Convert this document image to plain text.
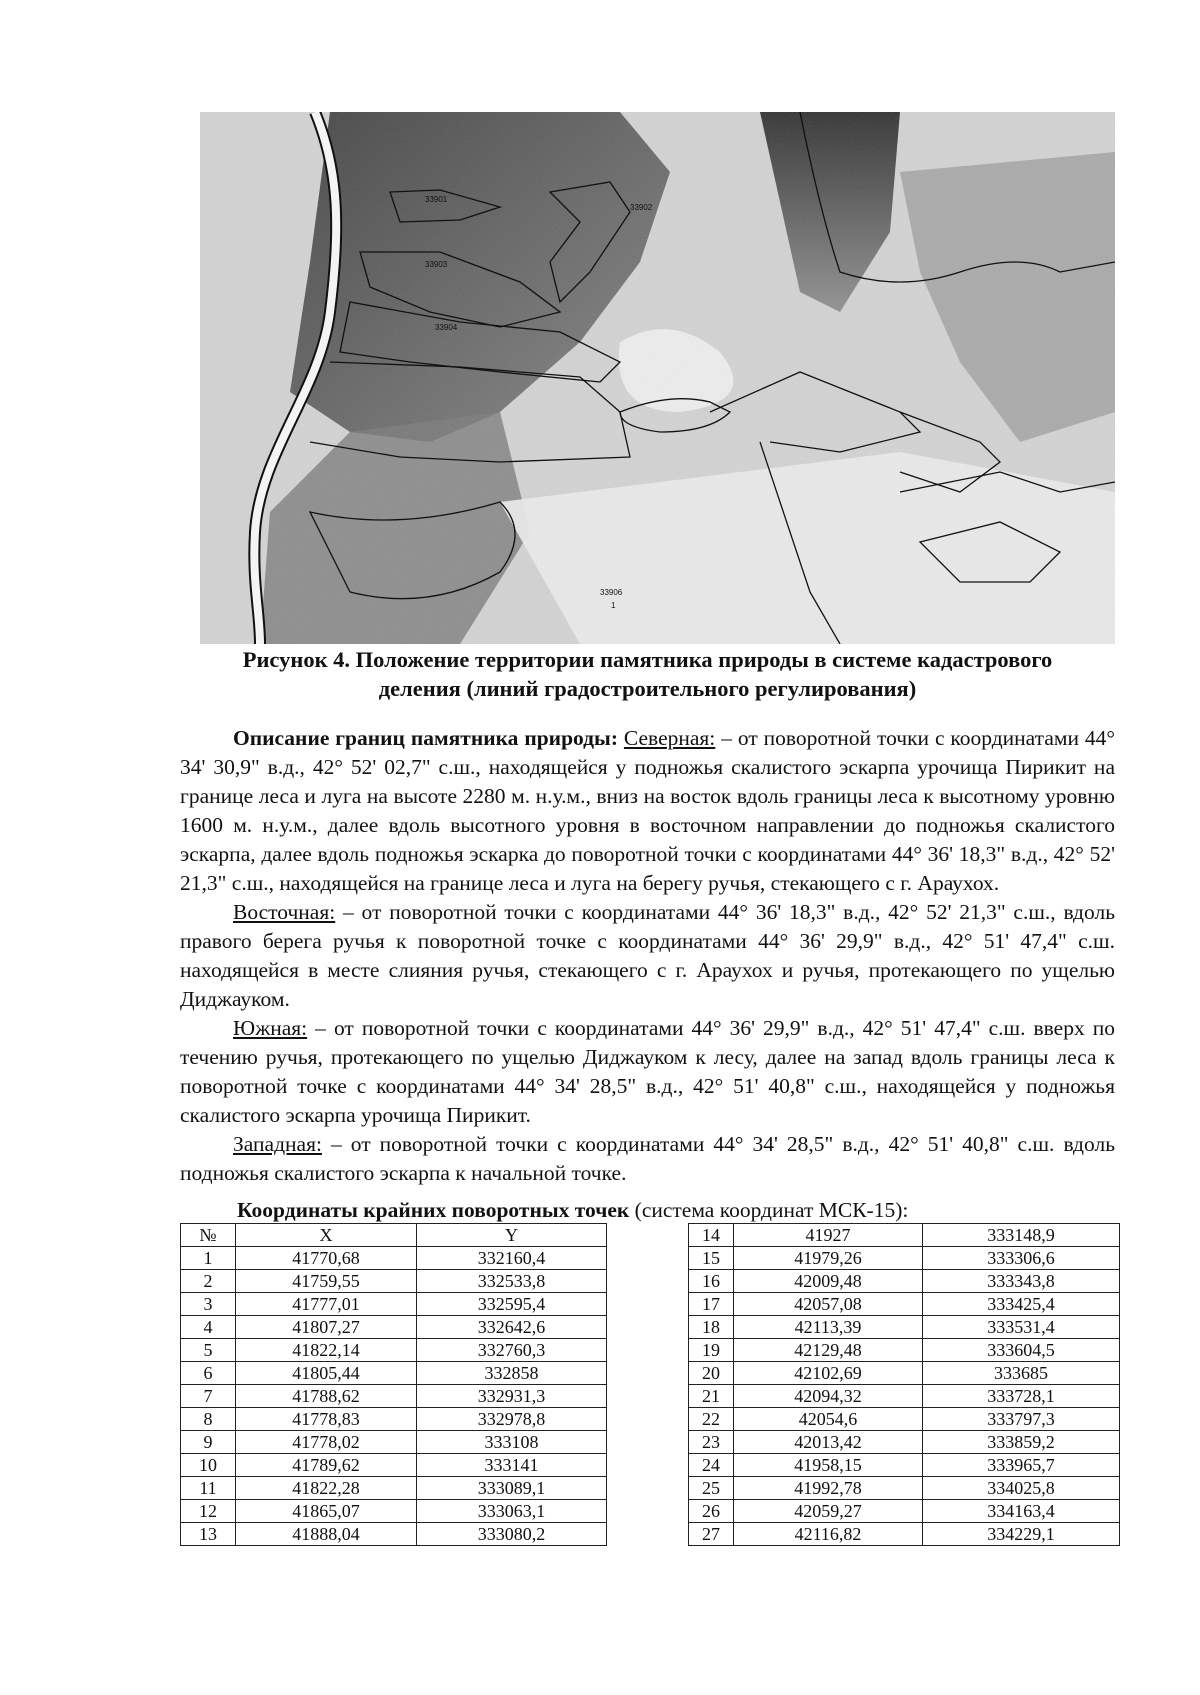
33901
33902
33903
33904
33906
1
Рисунок 4. Положение территории памятника природы в системе кадастрового
деления (линий градостроительного регулирования)

Описание границ памятника природы: Северная: – от поворотной точки с координатами 44° 34' 30,9" в.д., 42° 52' 02,7" с.ш., находящейся у подножья скалистого эскарпа урочища Пирикит на границе леса и луга на высоте 2280 м. н.у.м., вниз на восток вдоль границы леса к высотному уровню 1600 м. н.у.м., далее вдоль высотного уровня в восточном направлении до подножья скалистого эскарпа, далее вдоль подножья эскарка до поворотной точки с координатами 44° 36' 18,3" в.д., 42° 52' 21,3" с.ш., находящейся на границе леса и луга на берегу ручья, стекающего с г. Араухох.

Восточная: – от поворотной точки с координатами 44° 36' 18,3" в.д., 42° 52' 21,3" с.ш., вдоль правого берега ручья к поворотной точке с координатами 44° 36' 29,9" в.д., 42° 51' 47,4" с.ш. находящейся в месте слияния ручья, стекающего с г. Араухох и ручья, протекающего по ущелью Диджауком.

Южная: – от поворотной точки с координатами 44° 36' 29,9" в.д., 42° 51' 47,4" с.ш. вверх по течению ручья, протекающего по ущелью Диджауком к лесу, далее на запад вдоль границы леса к поворотной точке с координатами 44° 34' 28,5" в.д., 42° 51' 40,8" с.ш., находящейся у подножья скалистого эскарпа урочища Пирикит.

Западная: – от поворотной точки с координатами 44° 34' 28,5" в.д., 42° 51' 40,8" с.ш. вдоль подножья скалистого эскарпа к начальной точке.

Координаты крайних поворотных точек (система координат МСК-15):
№	X	Y
1	41770,68	332160,4
2	41759,55	332533,8
3	41777,01	332595,4
4	41807,27	332642,6
5	41822,14	332760,3
6	41805,44	332858
7	41788,62	332931,3
8	41778,83	332978,8
9	41778,02	333108
10	41789,62	333141
11	41822,28	333089,1
12	41865,07	333063,1
13	41888,04	333080,2
14	41927	333148,9
15	41979,26	333306,6
16	42009,48	333343,8
17	42057,08	333425,4
18	42113,39	333531,4
19	42129,48	333604,5
20	42102,69	333685
21	42094,32	333728,1
22	42054,6	333797,3
23	42013,42	333859,2
24	41958,15	333965,7
25	41992,78	334025,8
26	42059,27	334163,4
27	42116,82	334229,1
